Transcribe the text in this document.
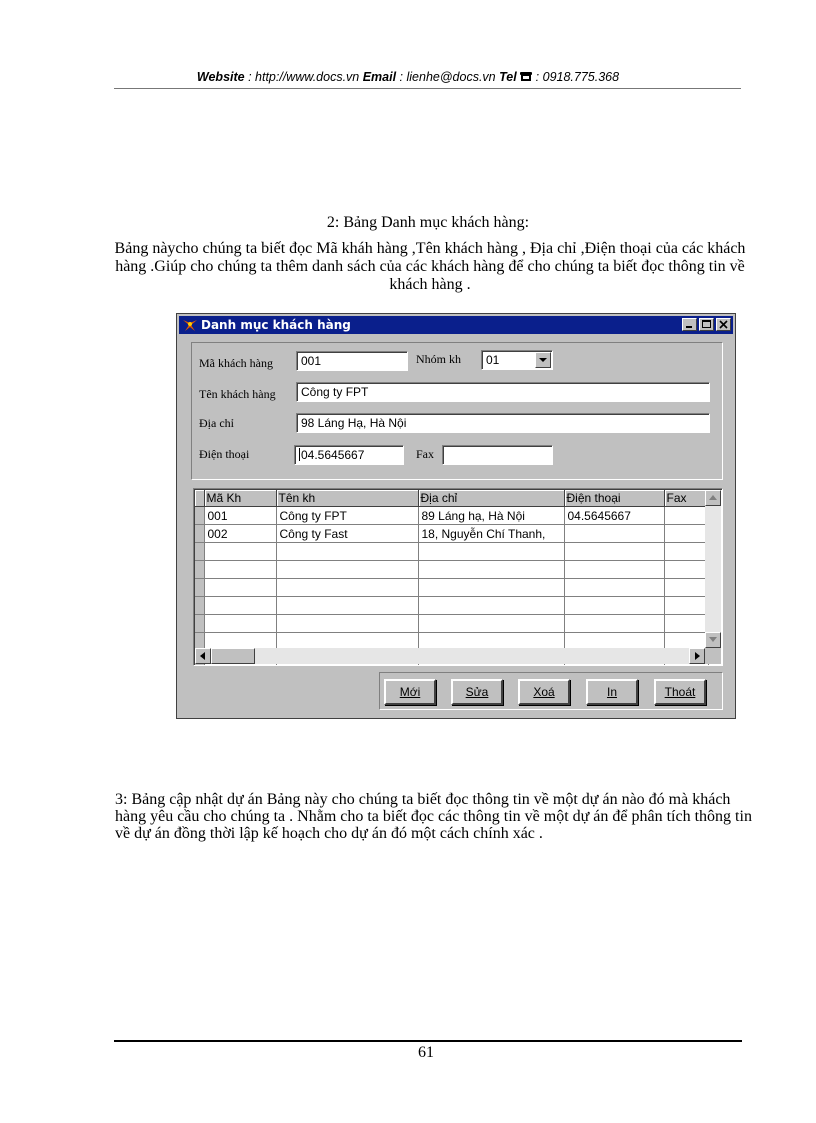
Website : http://www.docs.vn Email : lienhe@docs.vn Tel  : 0918.775.368
2: Bảng Danh mục khách hàng:
Bảng nàycho chúng ta biết đọc Mã kháh hàng ,Tên khách hàng , Địa chỉ ,Điện thoại của các khách hàng .Giúp cho chúng ta thêm danh sách của các khách hàng để cho chúng ta biết đọc thông tin về khách hàng .
Danh mục khách hàng
Mã khách hàng	001	Nhóm kh	01
Tên khách hàng	Công ty FPT
Địa chỉ	98 Láng Hạ, Hà Nội
Điện thoại	04.5645667	Fax
	Mã Kh	Tên kh	Địa chỉ	Điện thoại	Fax
	001	Công ty FPT	89 Láng hạ, Hà Nội	04.5645667	
	002	Công ty Fast	18, Nguyễn Chí Thanh,		

Mới	Sửa	Xoá	In	Thoát
3: Bảng cập nhật dự án Bảng này cho chúng ta biết đọc thông tin về một dự án nào đó mà khách hàng yêu cầu cho chúng ta . Nhằm cho ta biết đọc các thông tin về một dự án để phân tích thông tin về dự án đồng thời lập kế hoạch cho dự án đó một cách chính xác .
61
